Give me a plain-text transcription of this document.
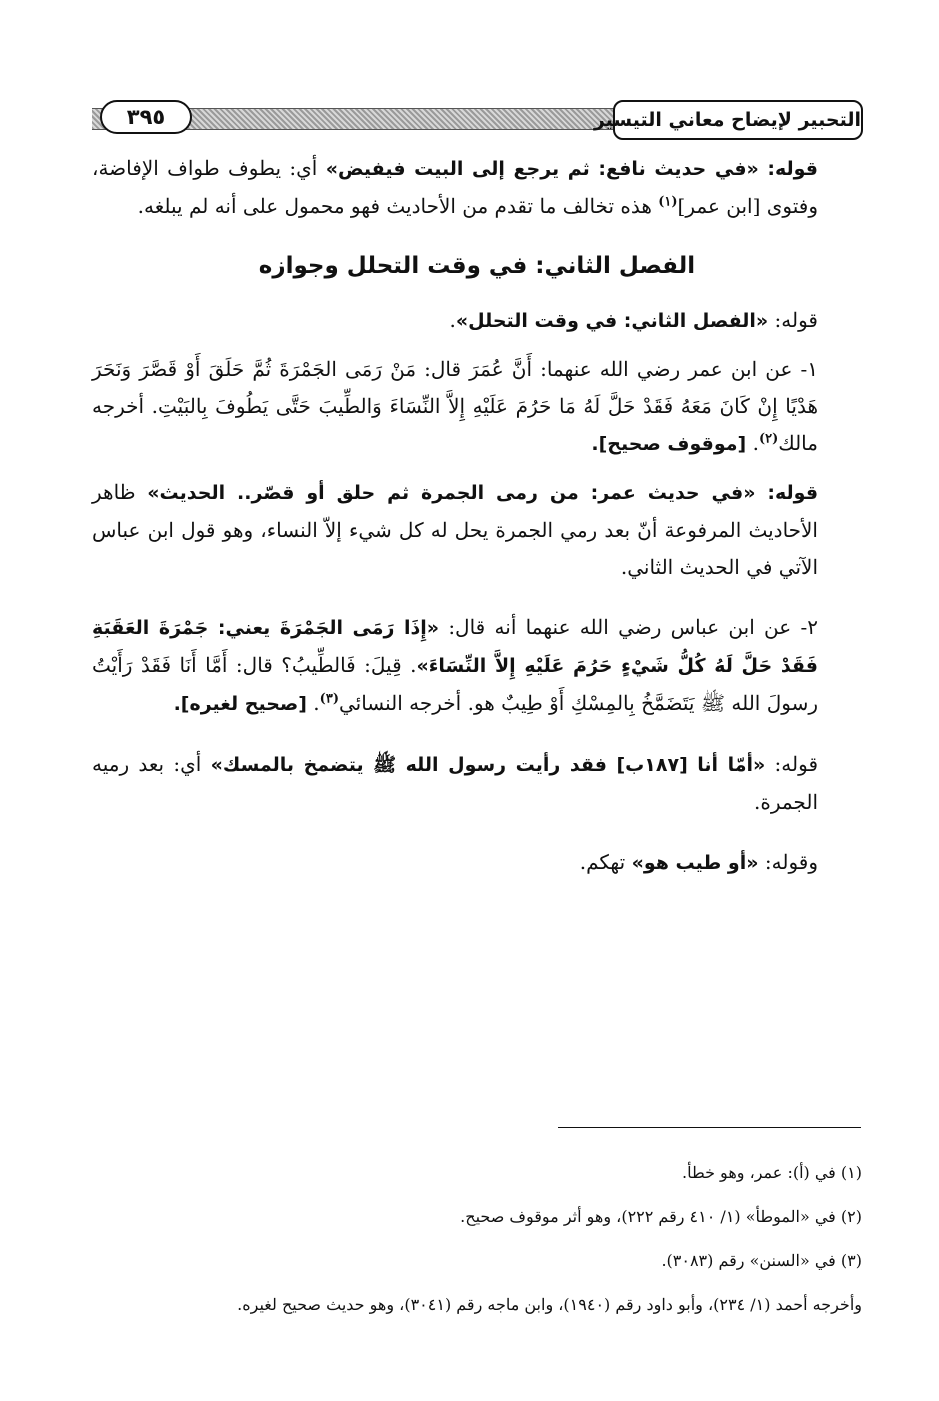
٣٩٥	التحبير لإيضاح معاني التيسير

قوله: «في حديث نافع: ثم يرجع إلى البيت فيفيض» أي: يطوف طواف الإفاضة، وفتوى [ابن عمر]$^{(١)}$ هذه تخالف ما تقدم من الأحاديث فهو محمول على أنه لم يبلغه.

الفصل الثاني: في وقت التحلل وجوازه

قوله: «الفصل الثاني: في وقت التحلل».

١- عن ابن عمر رضي الله عنهما: أَنَّ عُمَرَ قال: مَنْ رَمَى الجَمْرَةَ ثُمَّ حَلَقَ أَوْ قَصَّرَ وَنَحَرَ هَدْيًا إِنْ كَانَ مَعَهُ فَقَدْ حَلَّ لَهُ مَا حَرُمَ عَلَيْهِ إِلاَّ النِّسَاءَ وَالطِّيبَ حَتَّى يَطُوفَ بِالبَيْتِ. أخرجه مالك$^{(٢)}$. [موقوف صحيح].

قوله: «في حديث عمر: من رمى الجمرة ثم حلق أو قصّر.. الحديث» ظاهر الأحاديث المرفوعة أنّ بعد رمي الجمرة يحل له كل شيء إلاّ النساء، وهو قول ابن عباس الآتي في الحديث الثاني.

٢- عن ابن عباس رضي الله عنهما أنه قال: «إِذَا رَمَى الجَمْرَةَ يعني: جَمْرَةَ العَقَبَةِ فَقَدْ حَلَّ لَهُ كُلُّ شَيْءٍ حَرُمَ عَلَيْهِ إِلاَّ النِّسَاءَ». قِيلَ: فَالطِّيبُ؟ قال: أَمَّا أَنَا فَقَدْ رَأَيْتُ رسولَ الله ﷺ يَتَضَمَّخُ بِالمِسْكِ أَوْ طِيبٌ هو. أخرجه النسائي$^{(٣)}$. [صحيح لغيره].

قوله: «أمّا أنا [١٨٧ب] فقد رأيت رسول الله ﷺ يتضمخ بالمسك» أي: بعد رميه الجمرة.

وقوله: «أو طيب هو» تهكم.

(١) في (أ): عمر، وهو خطأ.
(٢) في «الموطأ» (١/ ٤١٠ رقم ٢٢٢)، وهو أثر موقوف صحيح.
(٣) في «السنن» رقم (٣٠٨٣).
وأخرجه أحمد (١/ ٢٣٤)، وأبو داود رقم (١٩٤٠)، وابن ماجه رقم (٣٠٤١)، وهو حديث صحيح لغيره.
